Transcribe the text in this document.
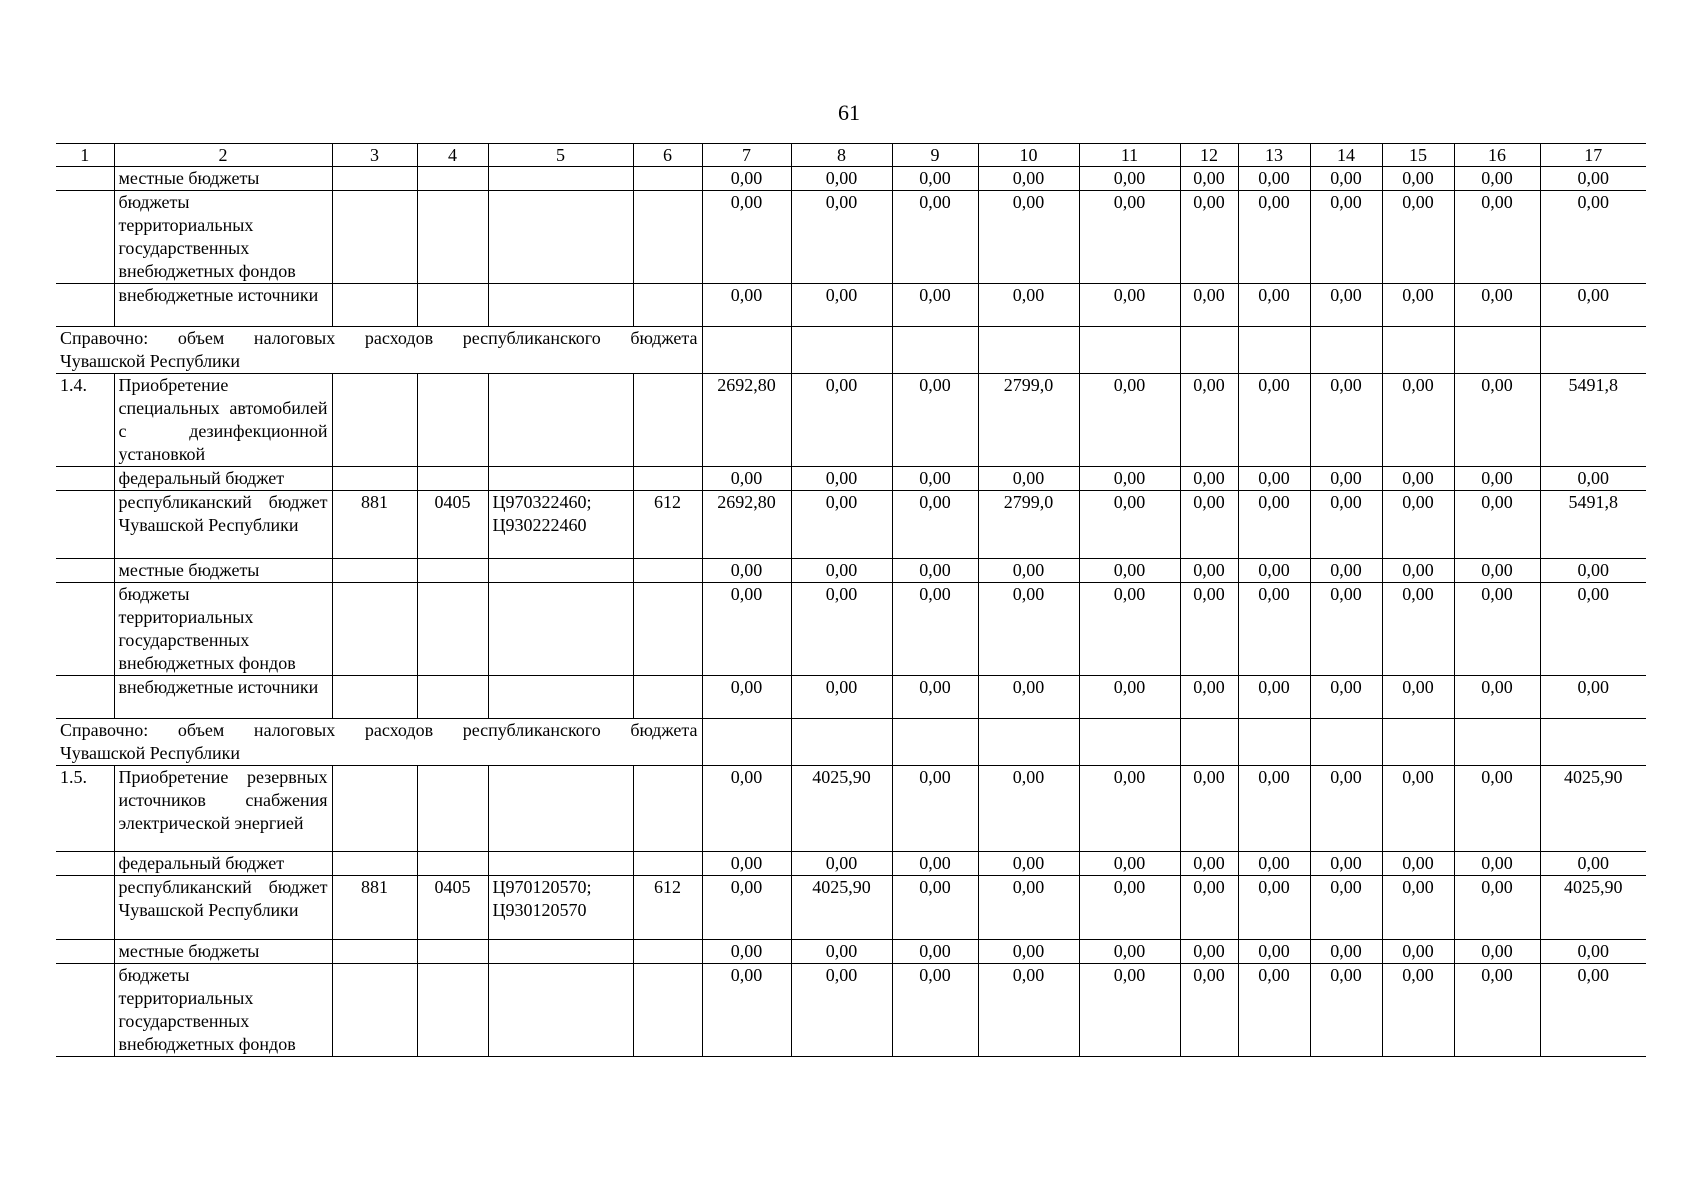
61
1	2	3	4	5	6	7	8	9	10	11	12	13	14	15	16	17
	местные бюджеты					0,00	0,00	0,00	0,00	0,00	0,00	0,00	0,00	0,00	0,00	0,00
	бюджеты территориальных государственных внебюджетных фондов					0,00	0,00	0,00	0,00	0,00	0,00	0,00	0,00	0,00	0,00	0,00
	внебюджетные источники					0,00	0,00	0,00	0,00	0,00	0,00	0,00	0,00	0,00	0,00	0,00

Справочно: объем налоговых расходов республиканского бюджета
Чувашской Республики																

1.4.	Приобретение специальных автомобилей с дезинфекционной установкой					2692,80	0,00	0,00	2799,0	0,00	0,00	0,00	0,00	0,00	0,00	5491,8
	федеральный бюджет					0,00	0,00	0,00	0,00	0,00	0,00	0,00	0,00	0,00	0,00	0,00
	республиканский бюджет Чувашской Республики	881	0405	Ц970322460; Ц930222460	612	2692,80	0,00	0,00	2799,0	0,00	0,00	0,00	0,00	0,00	0,00	5491,8
	местные бюджеты					0,00	0,00	0,00	0,00	0,00	0,00	0,00	0,00	0,00	0,00	0,00
	бюджеты территориальных государственных внебюджетных фондов					0,00	0,00	0,00	0,00	0,00	0,00	0,00	0,00	0,00	0,00	0,00
	внебюджетные источники					0,00	0,00	0,00	0,00	0,00	0,00	0,00	0,00	0,00	0,00	0,00

Справочно: объем налоговых расходов республиканского бюджета
Чувашской Республики																

1.5.	Приобретение резервных источников снабжения электрической энергией					0,00	4025,90	0,00	0,00	0,00	0,00	0,00	0,00	0,00	0,00	4025,90
	федеральный бюджет					0,00	0,00	0,00	0,00	0,00	0,00	0,00	0,00	0,00	0,00	0,00
	республиканский бюджет Чувашской Республики	881	0405	Ц970120570; Ц930120570	612	0,00	4025,90	0,00	0,00	0,00	0,00	0,00	0,00	0,00	0,00	4025,90
	местные бюджеты					0,00	0,00	0,00	0,00	0,00	0,00	0,00	0,00	0,00	0,00	0,00
	бюджеты территориальных государственных внебюджетных фондов					0,00	0,00	0,00	0,00	0,00	0,00	0,00	0,00	0,00	0,00	0,00
